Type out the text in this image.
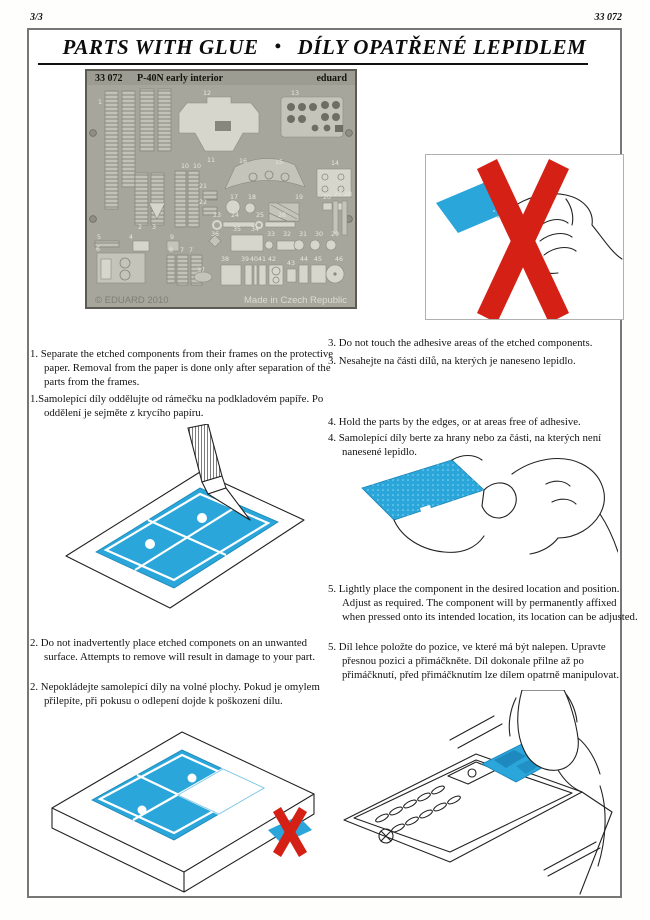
3/3	33 072
PARTS WITH GLUE • DÍLY OPATŘENÉ LEPIDLEM
1
12	13
10 10
11	16	15	14
2 3
4	9
5
6	8 7 7
21
22
17 18	19	20
23 24	25 26
27 28
35 34
33 32 31 30 29
36
37
38 39 40 41 42
43
44 45 46
33 072 P-40N early interior	eduard
© EDUARD 2010	Made in Czech Republic

1. Separate the etched components from their frames on the protective paper. Removal from the paper is done only after separation of the parts from the frames.

1.Samolepící díly oddělujte od rámečku na podkladovém papíře. Po oddělení je sejměte z krycího papíru.

2. Do not inadvertently place etched componets on an unwanted surface. Attempts to remove will result in damage to your part.

2. Nepokládejte samolepící díly na volné plochy. Pokud je omylem přilepíte, při pokusu o odlepení dojde k poškození dílu.

3. Do not touch the adhesive areas of the etched components.

3. Nesahejte na části dílů, na kterých je naneseno lepidlo.

4. Hold the parts by the edges, or at areas free of adhesive.

4. Samolepící díly berte za hrany nebo za části, na kterých není nanesené lepidlo.

5. Lightly place the component in the desired location and position. Adjust as required. The component will by permanently affixed when pressed onto its intended location, its location can be adjusted.

5. Díl lehce položte do pozice, ve které má být nalepen. Upravte přesnou pozici a přimáčkněte. Díl dokonale přilne až po přimáčknutí, před přimáčknutím lze dílem opatrně manipulovat.
